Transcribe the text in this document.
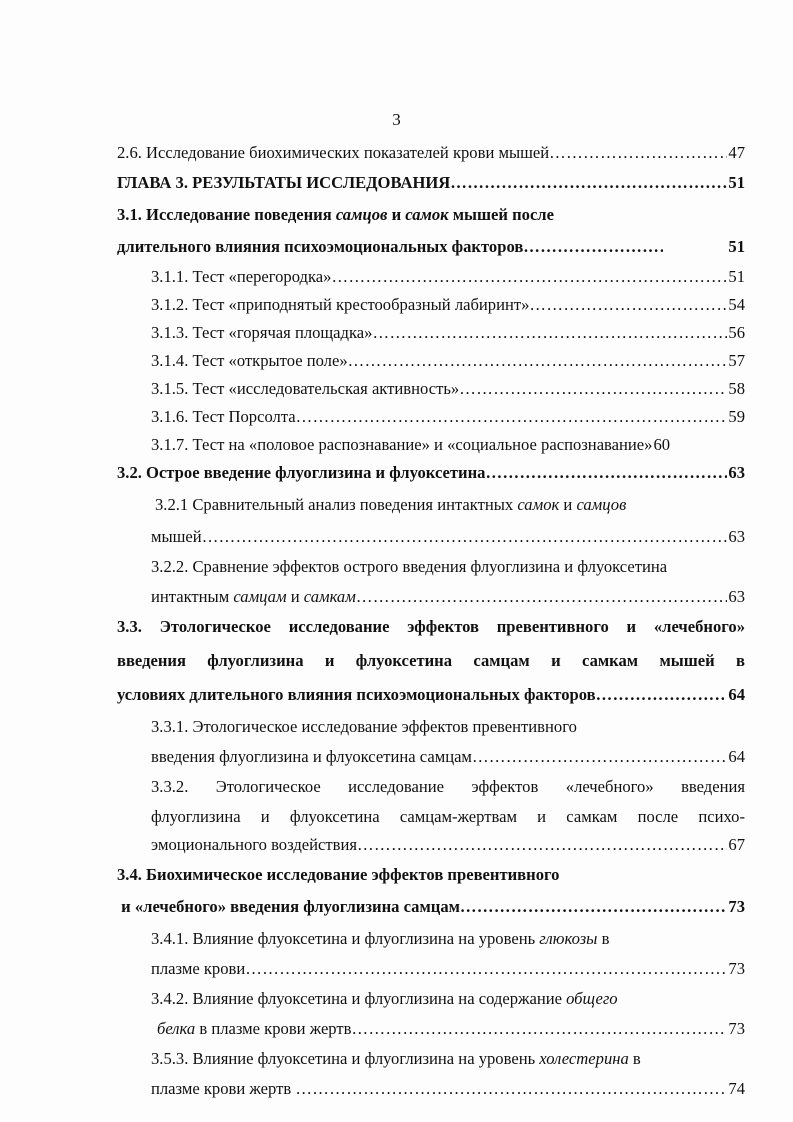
3
2.6. Исследование биохимических показателей крови мышей …………………………………………………………………………………………………………………………………………………………………	47
ГЛАВА 3. РЕЗУЛЬТАТЫ ИССЛЕДОВАНИЯ …………………………………………………………………………………………………………………………………………………………………	51
3.1. Исследование поведения самцов и самок мышей после
длительного влияния психоэмоциональных факторов …………………………………………………………………………………………………………………………………………………………………	51
3.1.1. Тест «перегородка» …………………………………………………………………………………………………………………………………………………………………	51
3.1.2. Тест «приподнятый крестообразный лабиринт» …………………………………………………………………………………………………………………………………………………………………	54
3.1.3. Тест «горячая площадка» …………………………………………………………………………………………………………………………………………………………………	56
3.1.4. Тест «открытое поле» …………………………………………………………………………………………………………………………………………………………………	57
3.1.5. Тест «исследовательская активность» …………………………………………………………………………………………………………………………………………………………………	58
3.1.6. Тест Порсолта …………………………………………………………………………………………………………………………………………………………………	59
3.1.7. Тест на «половое распознавание» и «социальное распознавание» 60
3.2. Острое введение флуоглизина и флуоксетина …………………………………………………………………………………………………………………………………………………………………	63
3.2.1 Сравнительный анализ поведения интактных самок и самцов
мышей …………………………………………………………………………………………………………………………………………………………………	63
3.2.2. Сравнение эффектов острого введения флуоглизина и флуоксетина
интактным самцам и самкам …………………………………………………………………………………………………………………………………………………………………	63
3.3. Этологическое исследование эффектов превентивного и «лечебного»
введения флуоглизина и флуоксетина самцам и самкам мышей в
условиях длительного влияния психоэмоциональных факторов …………………………………………………………………………………………………………………………………………………………………	64
3.3.1. Этологическое исследование эффектов превентивного
введения флуоглизина и флуоксетина самцам …………………………………………………………………………………………………………………………………………………………………	64
3.3.2. Этологическое исследование эффектов «лечебного» введения
флуоглизина и флуоксетина самцам-жертвам и самкам после психо-
эмоционального воздействия …………………………………………………………………………………………………………………………………………………………………	67
3.4. Биохимическое исследование эффектов превентивного
и «лечебного» введения флуоглизина самцам …………………………………………………………………………………………………………………………………………………………………	73
3.4.1. Влияние флуоксетина и флуоглизина на уровень глюкозы в
плазме крови …………………………………………………………………………………………………………………………………………………………………	73
3.4.2. Влияние флуоксетина и флуоглизина на содержание общего
белка в плазме крови жертв …………………………………………………………………………………………………………………………………………………………………	73
3.5.3. Влияние флуоксетина и флуоглизина на уровень холестерина в
плазме крови жертв …………………………………………………………………………………………………………………………………………………………………	74
